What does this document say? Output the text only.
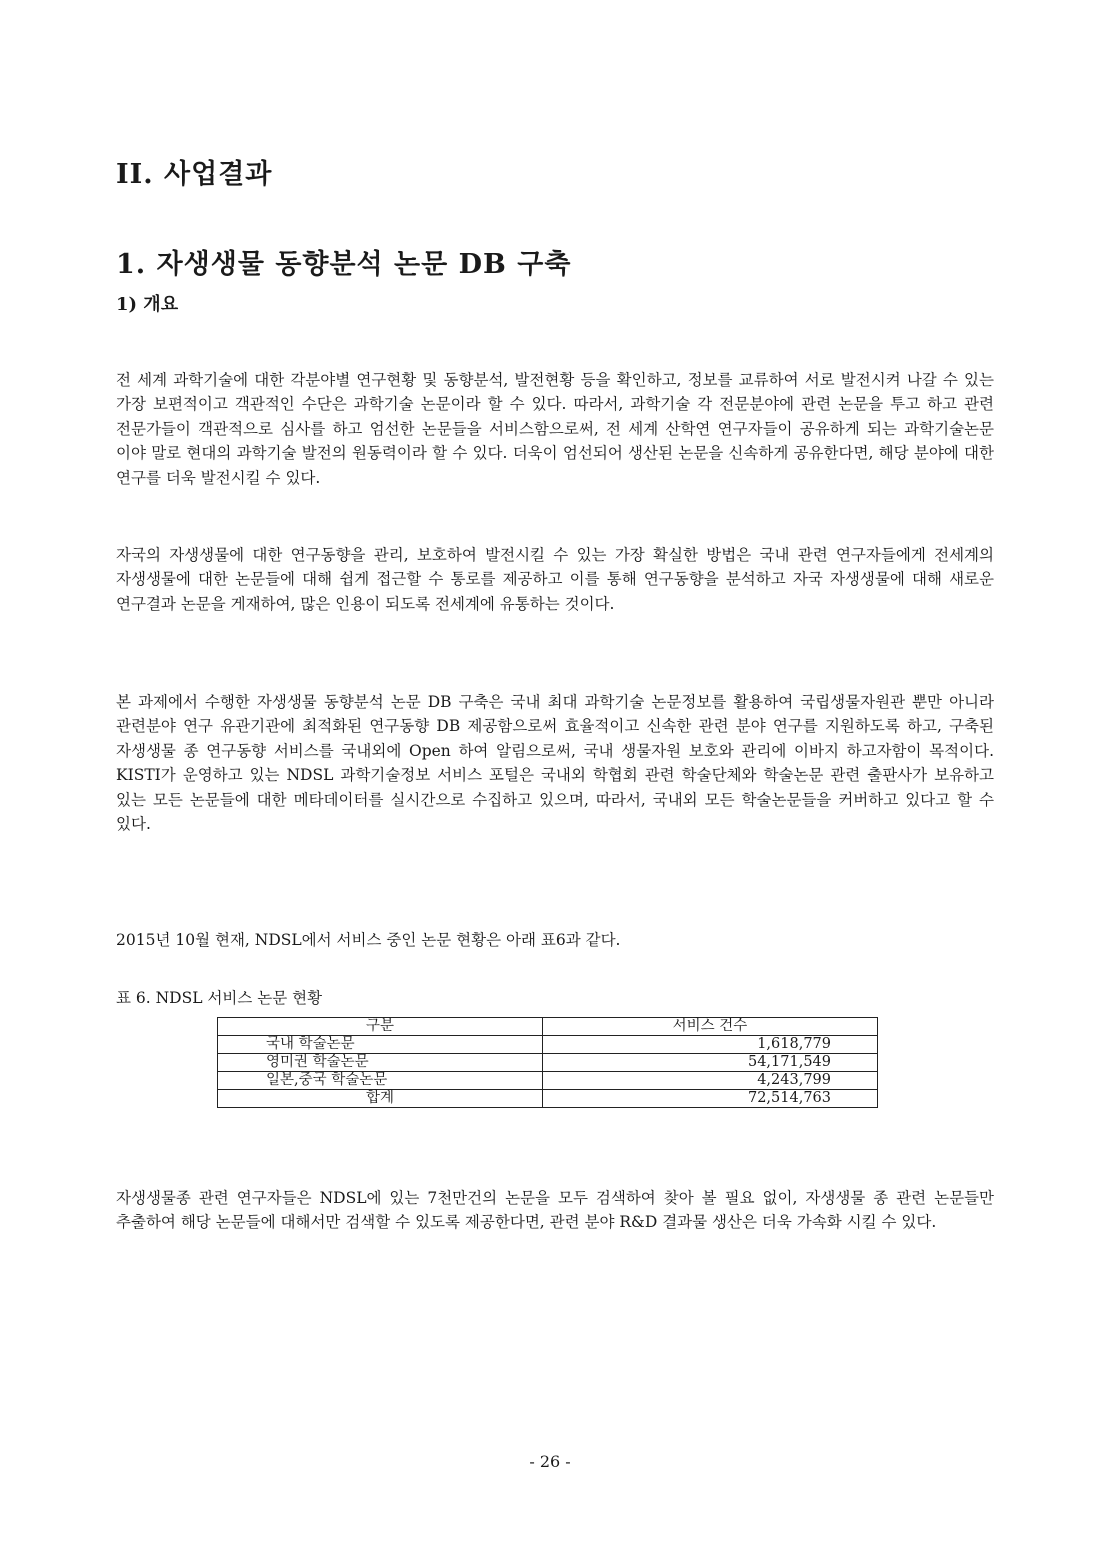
II. 사업결과
1. 자생생물 동향분석 논문 DB 구축
1) 개요

전 세계 과학기술에 대한 각분야별 연구현황 및 동향분석, 발전현황 등을 확인하고, 정보를 교류하여 서로 발전시켜 나갈 수 있는 가장 보편적이고 객관적인 수단은 과학기술 논문이라 할 수 있다. 따라서, 과학기술 각 전문분야에 관련 논문을 투고 하고 관련 전문가들이 객관적으로 심사를 하고 엄선한 논문들을 서비스함으로써, 전 세계 산학연 연구자들이 공유하게 되는 과학기술논문 이야 말로 현대의 과학기술 발전의 원동력이라 할 수 있다. 더욱이 엄선되어 생산된 논문을 신속하게 공유한다면, 해당 분야에 대한 연구를 더욱 발전시킬 수 있다.

자국의 자생생물에 대한 연구동향을 관리, 보호하여 발전시킬 수 있는 가장 확실한 방법은 국내 관련 연구자들에게 전세계의 자생생물에 대한 논문들에 대해 쉽게 접근할 수 통로를 제공하고 이를 통해 연구동향을 분석하고 자국 자생생물에 대해 새로운 연구결과 논문을 게재하여, 많은 인용이 되도록 전세계에 유통하는 것이다.

본 과제에서 수행한 자생생물 동향분석 논문 DB 구축은 국내 최대 과학기술 논문정보를 활용하여 국립생물자원관 뿐만 아니라 관련분야 연구 유관기관에 최적화된 연구동향 DB 제공함으로써 효율적이고 신속한 관련 분야 연구를 지원하도록 하고, 구축된 자생생물 종 연구동향 서비스를 국내외에 Open 하여 알림으로써, 국내 생물자원 보호와 관리에 이바지 하고자함이 목적이다. KISTI가 운영하고 있는 NDSL 과학기술정보 서비스 포털은 국내외 학협회 관련 학술단체와 학술논문 관련 출판사가 보유하고 있는 모든 논문들에 대한 메타데이터를 실시간으로 수집하고 있으며, 따라서, 국내외 모든 학술논문들을 커버하고 있다고 할 수 있다.

2015년 10월 현재, NDSL에서 서비스 중인 논문 현황은 아래 표6과 같다.

표 6. NDSL 서비스 논문 현황

구분	서비스 건수
국내 학술논문	1,618,779
영미권 학술논문	54,171,549
일본,중국 학술논문	4,243,799
합계	72,514,763

자생생물종 관련 연구자들은 NDSL에 있는 7천만건의 논문을 모두 검색하여 찾아 볼 필요 없이, 자생생물 종 관련 논문들만 추출하여 해당 논문들에 대해서만 검색할 수 있도록 제공한다면, 관련 분야 R&D 결과물 생산은 더욱 가속화 시킬 수 있다.

- 26 -
